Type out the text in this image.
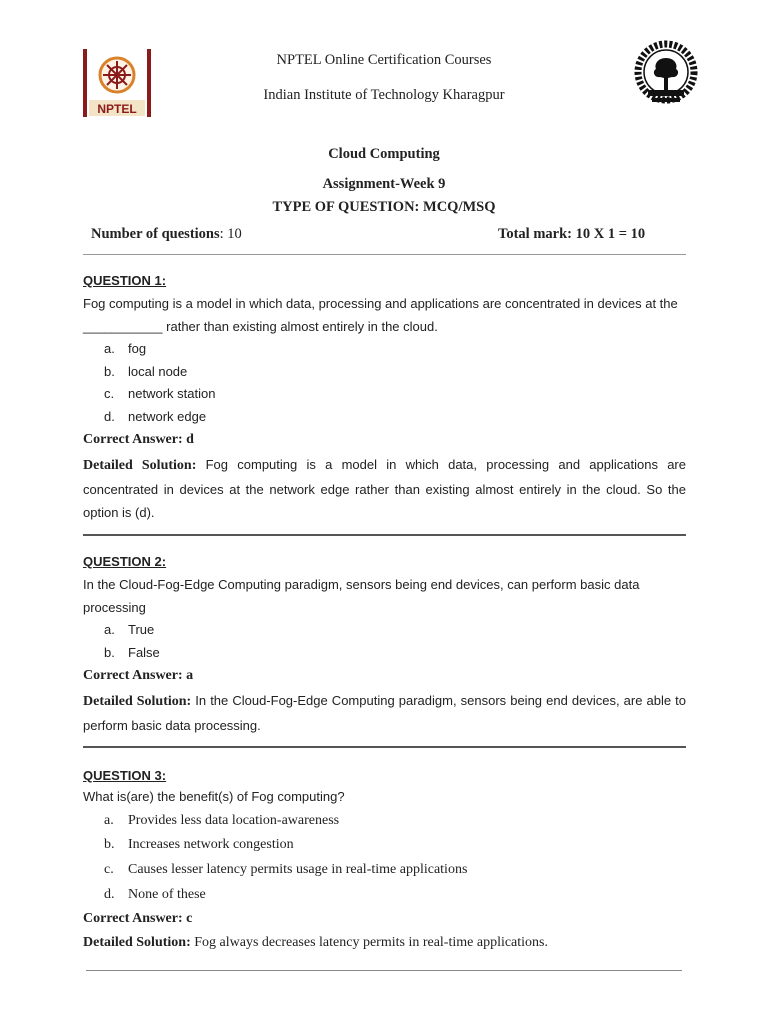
NPTEL
NPTEL Online Certification Courses
Indian Institute of Technology Kharagpur
Cloud Computing
Assignment-Week 9
TYPE OF QUESTION: MCQ/MSQ
Number of questions: 10	Total mark: 10 X 1 = 10
QUESTION 1:
Fog computing is a model in which data, processing and applications are concentrated in devices at the ___________ rather than existing almost entirely in the cloud.
a. fog
b. local node
c. network station
d. network edge
Correct Answer: d
Detailed Solution: Fog computing is a model in which data, processing and applications are concentrated in devices at the network edge rather than existing almost entirely in the cloud. So the option is (d).
QUESTION 2:
In the Cloud-Fog-Edge Computing paradigm, sensors being end devices, can perform basic data processing
a. True
b. False
Correct Answer: a
Detailed Solution: In the Cloud-Fog-Edge Computing paradigm, sensors being end devices, are able to perform basic data processing.
QUESTION 3:
What is(are) the benefit(s) of Fog computing?
a. Provides less data location-awareness
b. Increases network congestion
c. Causes lesser latency permits usage in real-time applications
d. None of these
Correct Answer: c
Detailed Solution: Fog always decreases latency permits in real-time applications.
